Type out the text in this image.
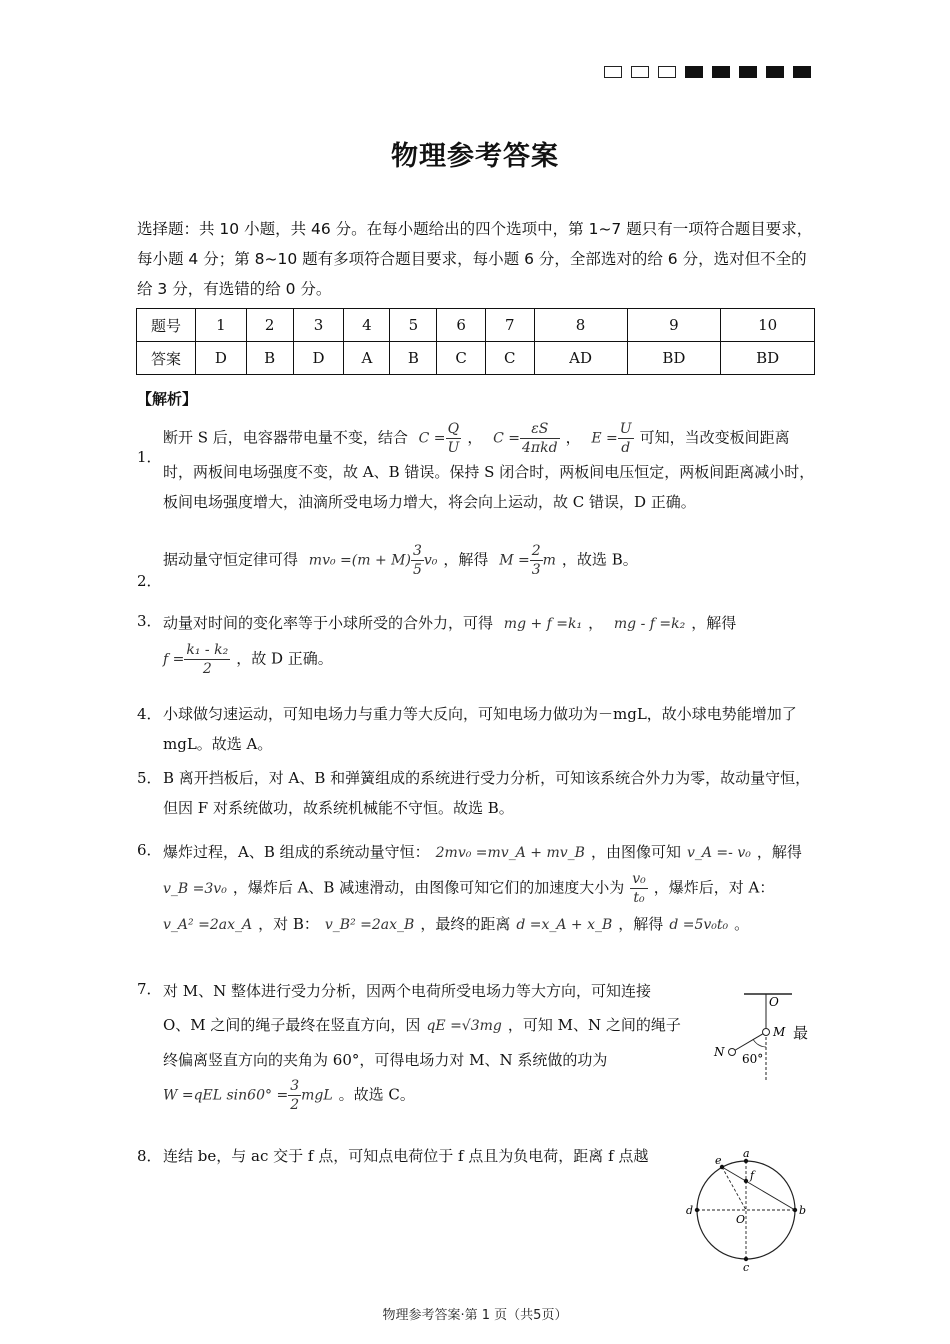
物理参考答案
选择题：共 10 小题，共 46 分。在每小题给出的四个选项中，第 1~7 题只有一项符合题目要求，每小题 4 分；第 8~10 题有多项符合题目要求，每小题 6 分，全部选对的给 6 分，选对但不全的给 3 分，有选错的给 0 分。
题号	1	2	3	4	5	6	7	8	9	10
答案	D	B	D	A	B	C	C	AD	BD	BD
【解析】
1．
断开 S 后，电容器带电量不变，结合 $C = \frac{Q}{U}$ ， $C = \frac{\varepsilon S}{\text{4πkd}}$ ， $E = \frac{U}{d}$ 可知，当改变板间距离时，两板间电场强度不变，故 A、B 错误。保持 S 闭合时，两板间电压恒定，两板间距离减小时，板间电场强度增大，油滴所受电场力增大，将会向上运动，故 C 错误，D 正确。
2．
据动量守恒定律可得 $mv_0 =(m + M) \frac{3}{5} v_0$ ，解得 $M = \frac{2}{3}$ m ，故选 B。
3． 动量对时间的变化率等于小球所受的合外力，可得 mg + f =k₁ ， mg - f =k₂ ，解得
$f = \frac{\text{k₁ - k₂}}{2}$ ，故 D 正确。
4． 小球做匀速运动，可知电场力与重力等大反向，可知电场力做功为－mgL，故小球电势能增加了 mgL。故选 A。
5． B 离开挡板后，对 A、B 和弹簧组成的系统进行受力分析，可知该系统合外力为零，故动量守恒，但因 F 对系统做功，故系统机械能不守恒。故选 B。
6． 爆炸过程，A、B 组成的系统动量守恒： 2mv₀ =mv_A + mv_B ，由图像可知 v_A =- v₀ ，解得
v_B =3v₀ ，爆炸后 A、B 减速滑动，由图像可知它们的加速度大小为 $\frac{\text{v₀}}{\text{t₀}}$ ，爆炸后，对 A：
v_A² =2ax_A ，对 B： v_B² =2ax_B ，最终的距离 d =x_A + x_B ，解得 d =5v₀t₀ 。
7． 对 M、N 整体进行受力分析，因两个电荷所受电场力等大方向，可知连接
O、M 之间的绳子最终在竖直方向，因 qE =√3mg ，可知 M、N 之间的绳子
终偏离竖直方向的夹角为 60°，可得电场力对 M、N 系统做的功为
W =qEL $\sin 60^\circ = \frac{3}{2}$ mgL 。故选 C。
最
O
M
N 60°
8． 连结 be，与 ac 交于 f 点，可知点电荷位于 f 点且为负电荷，距离 f 点越	a
b
c
d
e
f
O
物理参考答案·第 1 页（共5页）
